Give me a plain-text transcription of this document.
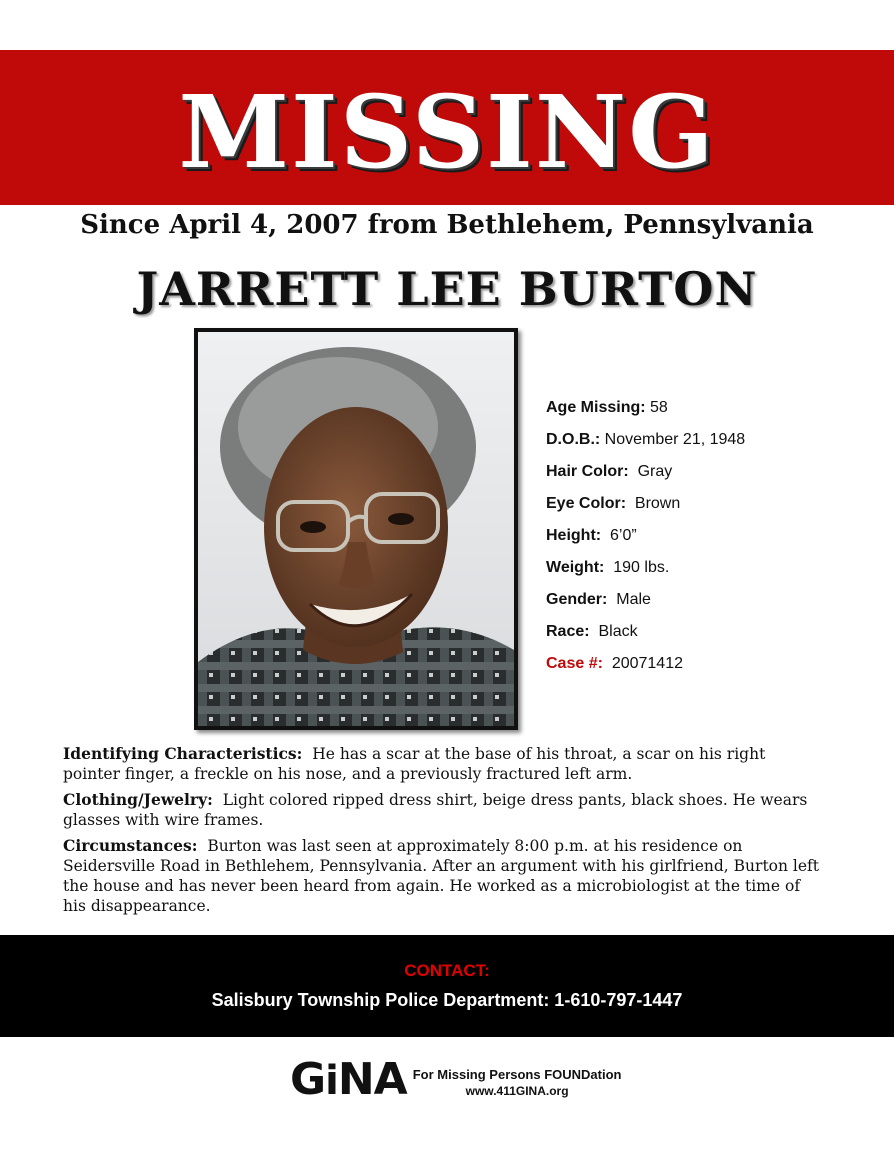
MISSING
Since April 4, 2007 from Bethlehem, Pennsylvania
JARRETT LEE BURTON
Age Missing: 58
D.O.B.: November 21, 1948
Hair Color:  Gray
Eye Color:  Brown
Height:  6’0”
Weight:  190 lbs.
Gender:  Male
Race:  Black
Case #:  20071412

Identifying Characteristics: He has a scar at the base of his throat, a scar on his right pointer finger, a freckle on his nose, and a previously fractured left arm.

Clothing/Jewelry: Light colored ripped dress shirt, beige dress pants, black shoes. He wears glasses with wire frames.

Circumstances: Burton was last seen at approximately 8:00 p.m. at his residence on Seidersville Road in Bethlehem, Pennsylvania. After an argument with his girlfriend, Burton left the house and has never been heard from again. He worked as a microbiologist at the time of his disappearance.

CONTACT:
Salisbury Township Police Department: 1-610-797-1447
GiNA For Missing Persons FOUNDation
www.411GINA.org
